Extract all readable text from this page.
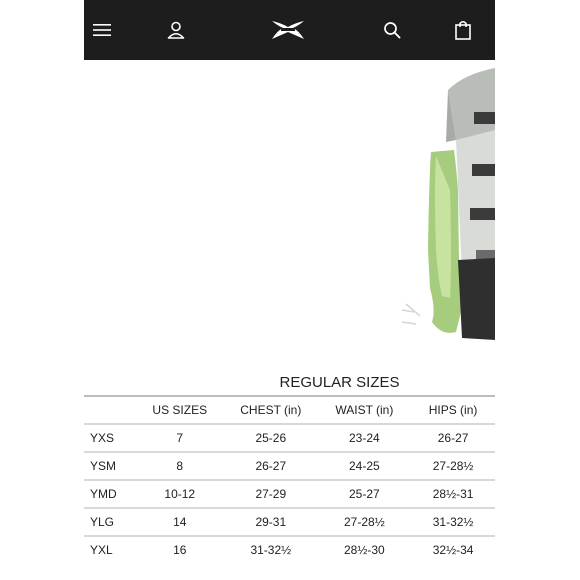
REGULAR SIZES
	US SIZES	CHEST (in)	WAIST (in)	HIPS (in)
YXS	7	25-26	23-24	26-27
YSM	8	26-27	24-25	27-28½
YMD	10-12	27-29	25-27	28½-31
YLG	14	29-31	27-28½	31-32½
YXL	16	31-32½	28½-30	32½-34
